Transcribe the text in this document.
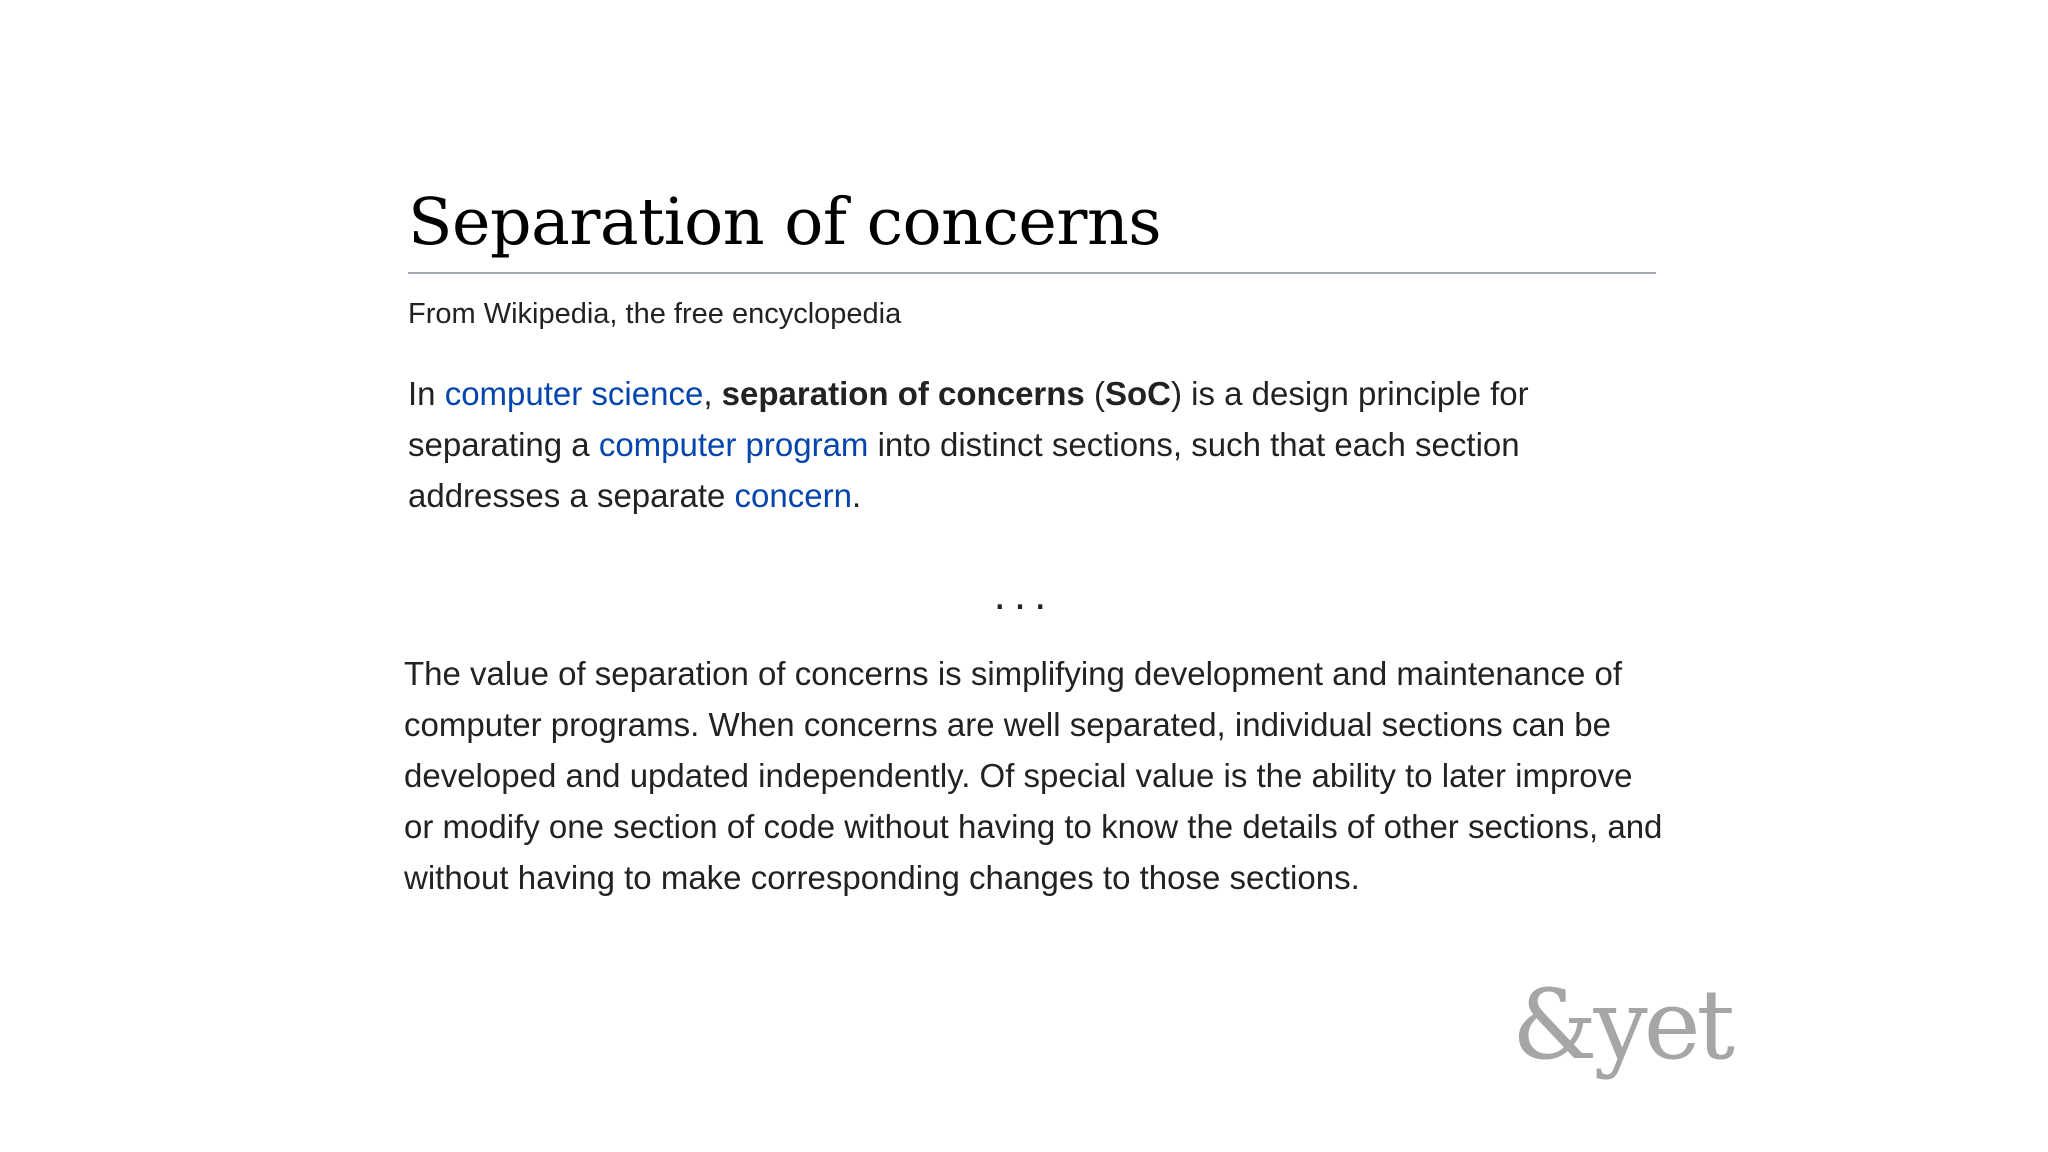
Separation of concerns
From Wikipedia, the free encyclopedia

In computer science, separation of concerns (SoC) is a design principle for separating a computer program into distinct sections, such that each section addresses a separate concern.

...

The value of separation of concerns is simplifying development and maintenance of computer programs. When concerns are well separated, individual sections can be developed and updated independently. Of special value is the ability to later improve or modify one section of code without having to know the details of other sections, and without having to make corresponding changes to those sections.

&yet
